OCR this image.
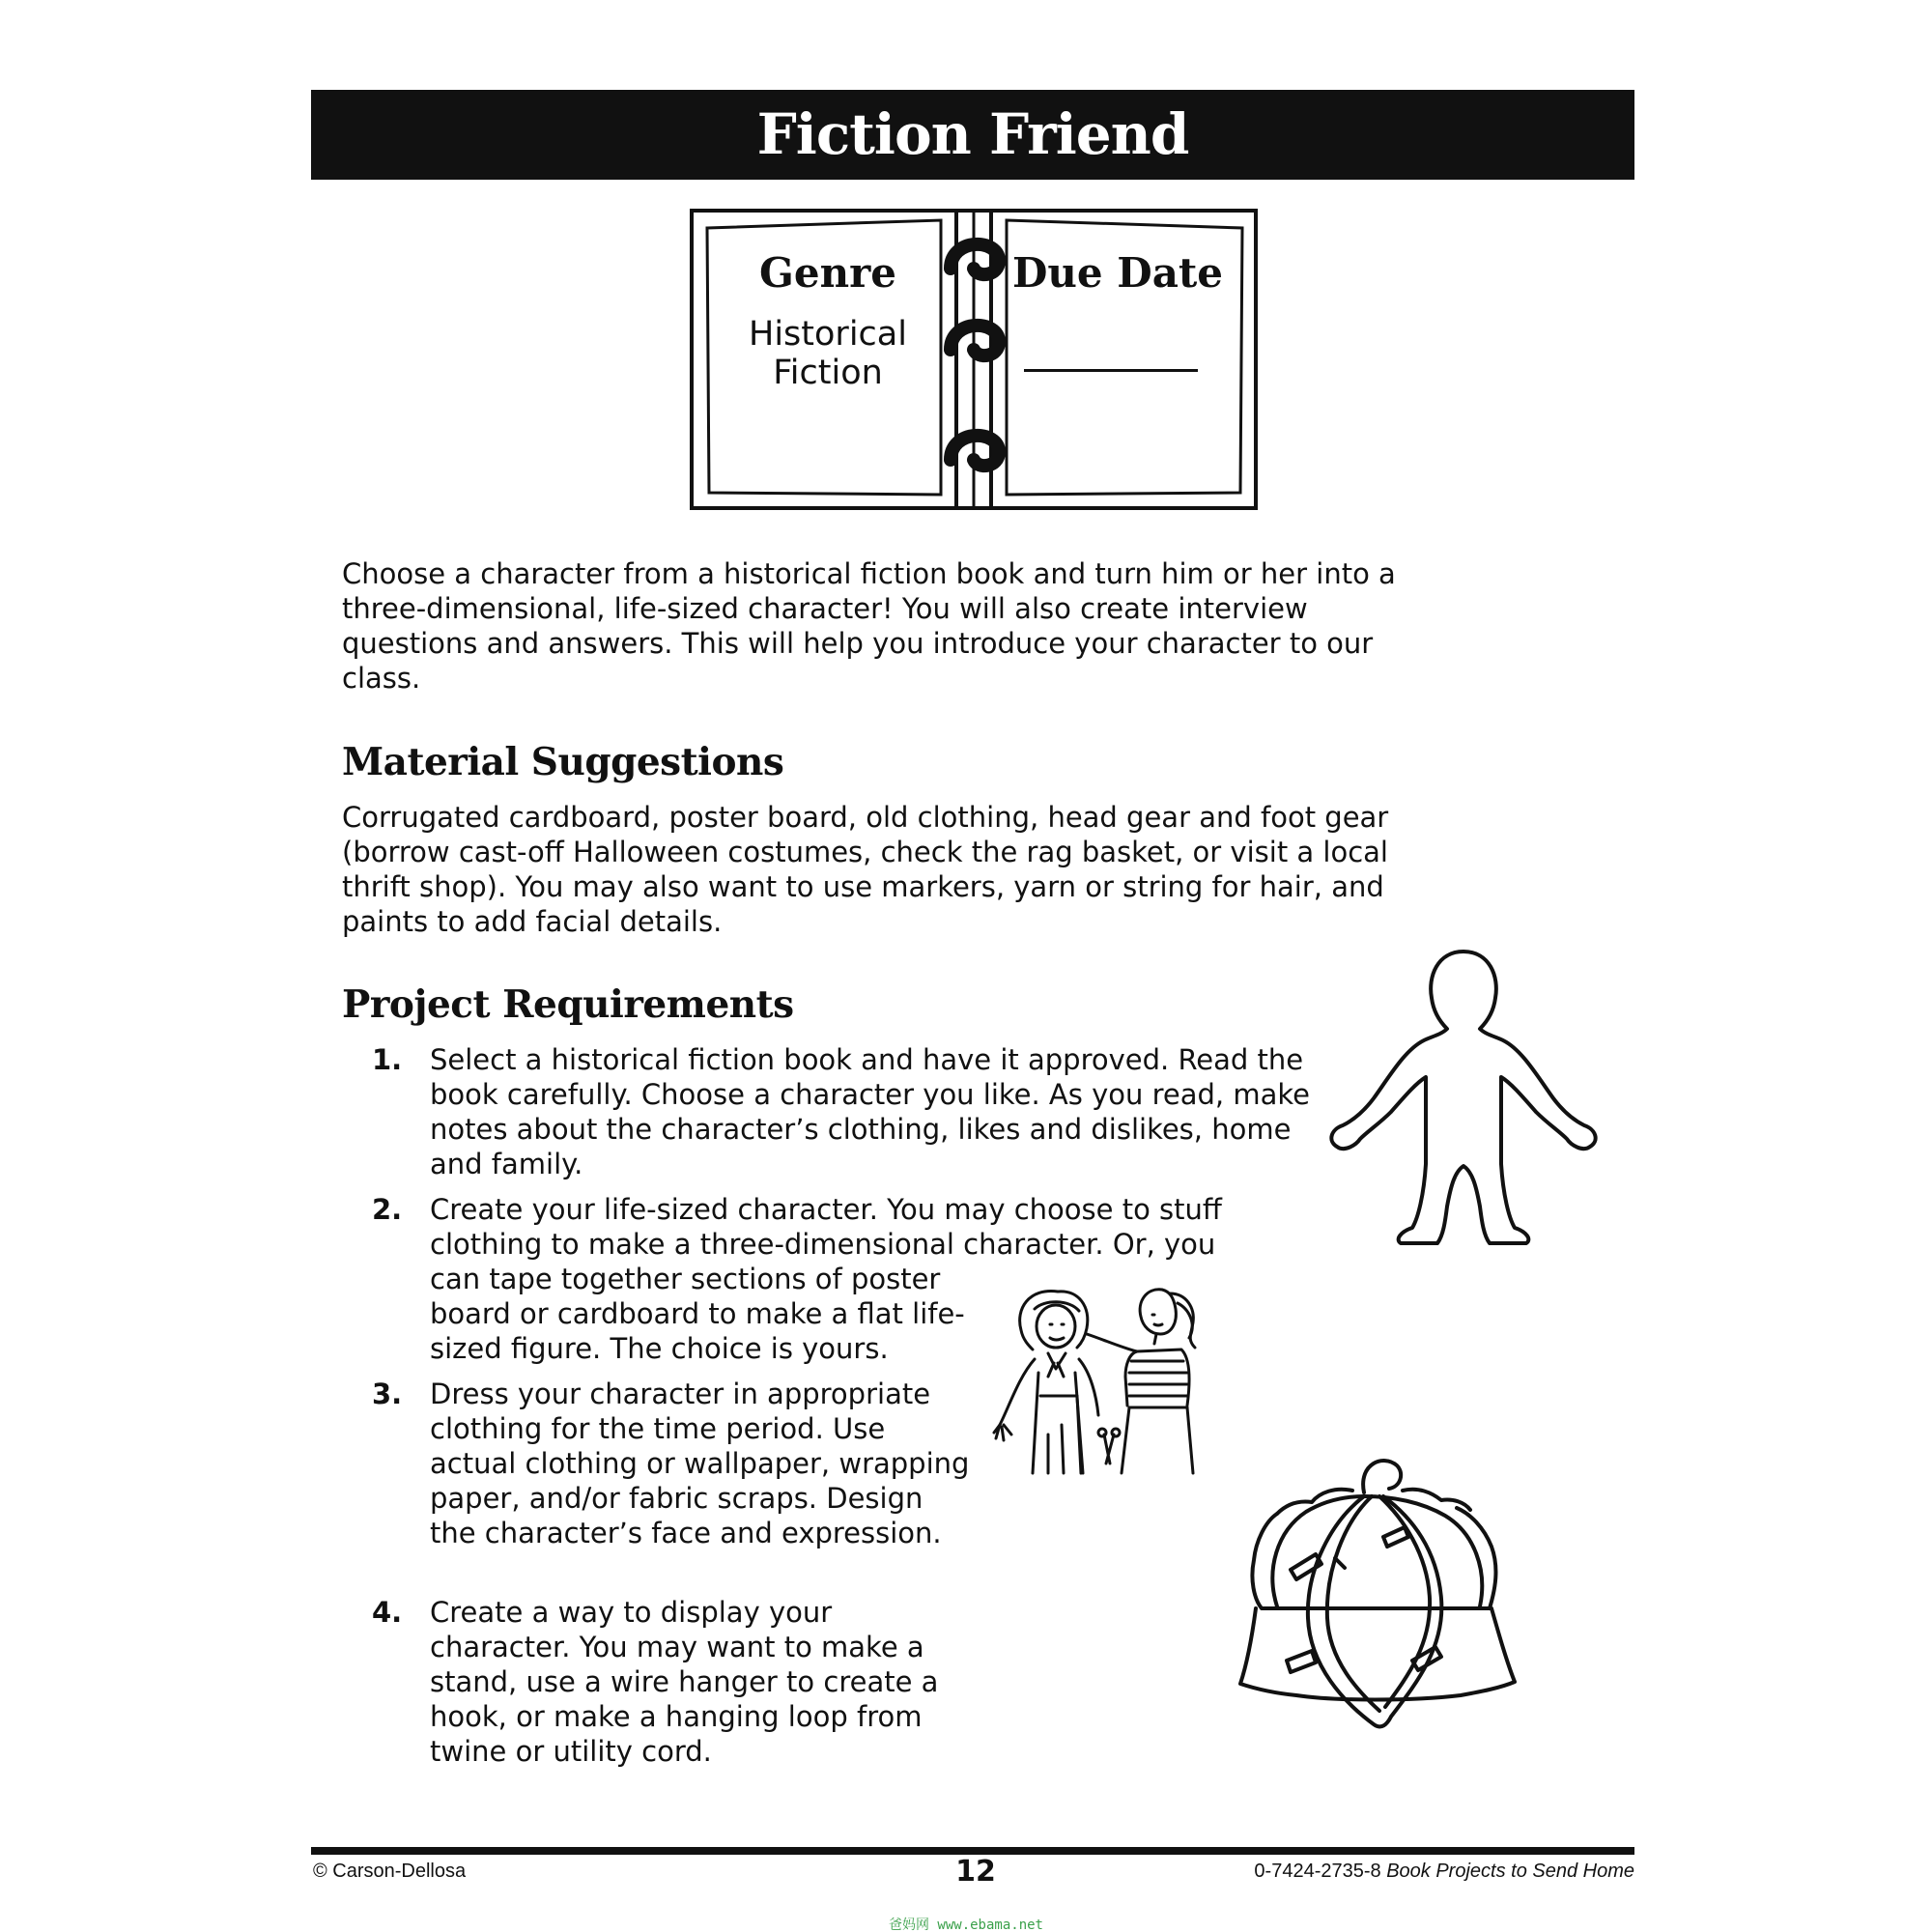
Fiction Friend
Genre
Historical Fiction
Due Date
Choose a character from a historical fiction book and turn him or her into a three-dimensional, life-sized character! You will also create interview questions and answers. This will help you introduce your character to our class.
Material Suggestions
Corrugated cardboard, poster board, old clothing, head gear and foot gear (borrow cast-off Halloween costumes, check the rag basket, or visit a local thrift shop). You may also want to use markers, yarn or string for hair, and paints to add facial details.
Project Requirements
1. Select a historical fiction book and have it approved. Read the book carefully. Choose a character you like. As you read, make notes about the character’s clothing, likes and dislikes, home and family.
2. Create your life-sized character. You may choose to stuff clothing to make a three-dimensional character. Or, you
can tape together sections of poster board or cardboard to make a flat life-sized figure. The choice is yours.
3. Dress your character in appropriate clothing for the time period. Use actual clothing or wallpaper, wrapping paper, and/or fabric scraps. Design the character’s face and expression.
4. Create a way to display your character. You may want to make a stand, use a wire hanger to create a hook, or make a hanging loop from twine or utility cord.
© Carson-Dellosa	12	0-7424-2735-8 Book Projects to Send Home
爸妈网 www.ebama.net
